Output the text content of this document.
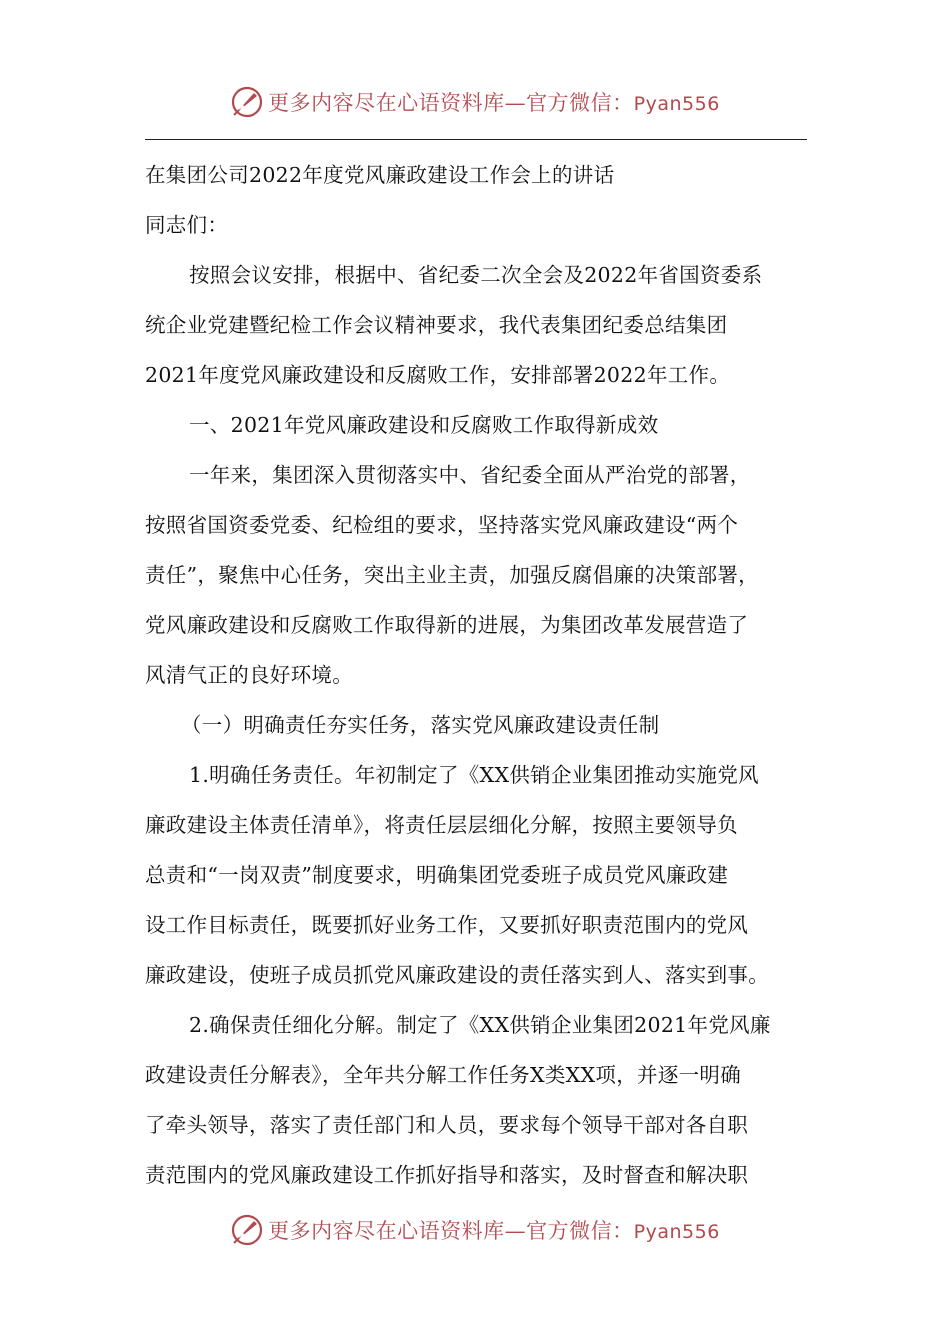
更多内容尽在心语资料库—官方微信：Pyan556
在集团公司2022年度党风廉政建设工作会上的讲话
同志们：
按照会议安排，根据中、省纪委二次全会及2022年省国资委系
统企业党建暨纪检工作会议精神要求，我代表集团纪委总结集团
2021年度党风廉政建设和反腐败工作，安排部署2022年工作。
一、2021年党风廉政建设和反腐败工作取得新成效
一年来，集团深入贯彻落实中、省纪委全面从严治党的部署，
按照省国资委党委、纪检组的要求，坚持落实党风廉政建设“两个
责任”，聚焦中心任务，突出主业主责，加强反腐倡廉的决策部署，
党风廉政建设和反腐败工作取得新的进展，为集团改革发展营造了
风清气正的良好环境。
（一）明确责任夯实任务，落实党风廉政建设责任制
1.明确任务责任。年初制定了《XX供销企业集团推动实施党风
廉政建设主体责任清单》，将责任层层细化分解，按照主要领导负
总责和“一岗双责”制度要求，明确集团党委班子成员党风廉政建
设工作目标责任，既要抓好业务工作，又要抓好职责范围内的党风
廉政建设，使班子成员抓党风廉政建设的责任落实到人、落实到事。
2.确保责任细化分解。制定了《XX供销企业集团2021年党风廉
政建设责任分解表》，全年共分解工作任务X类XX项，并逐一明确
了牵头领导，落实了责任部门和人员，要求每个领导干部对各自职
责范围内的党风廉政建设工作抓好指导和落实，及时督查和解决职
更多内容尽在心语资料库—官方微信：Pyan556
